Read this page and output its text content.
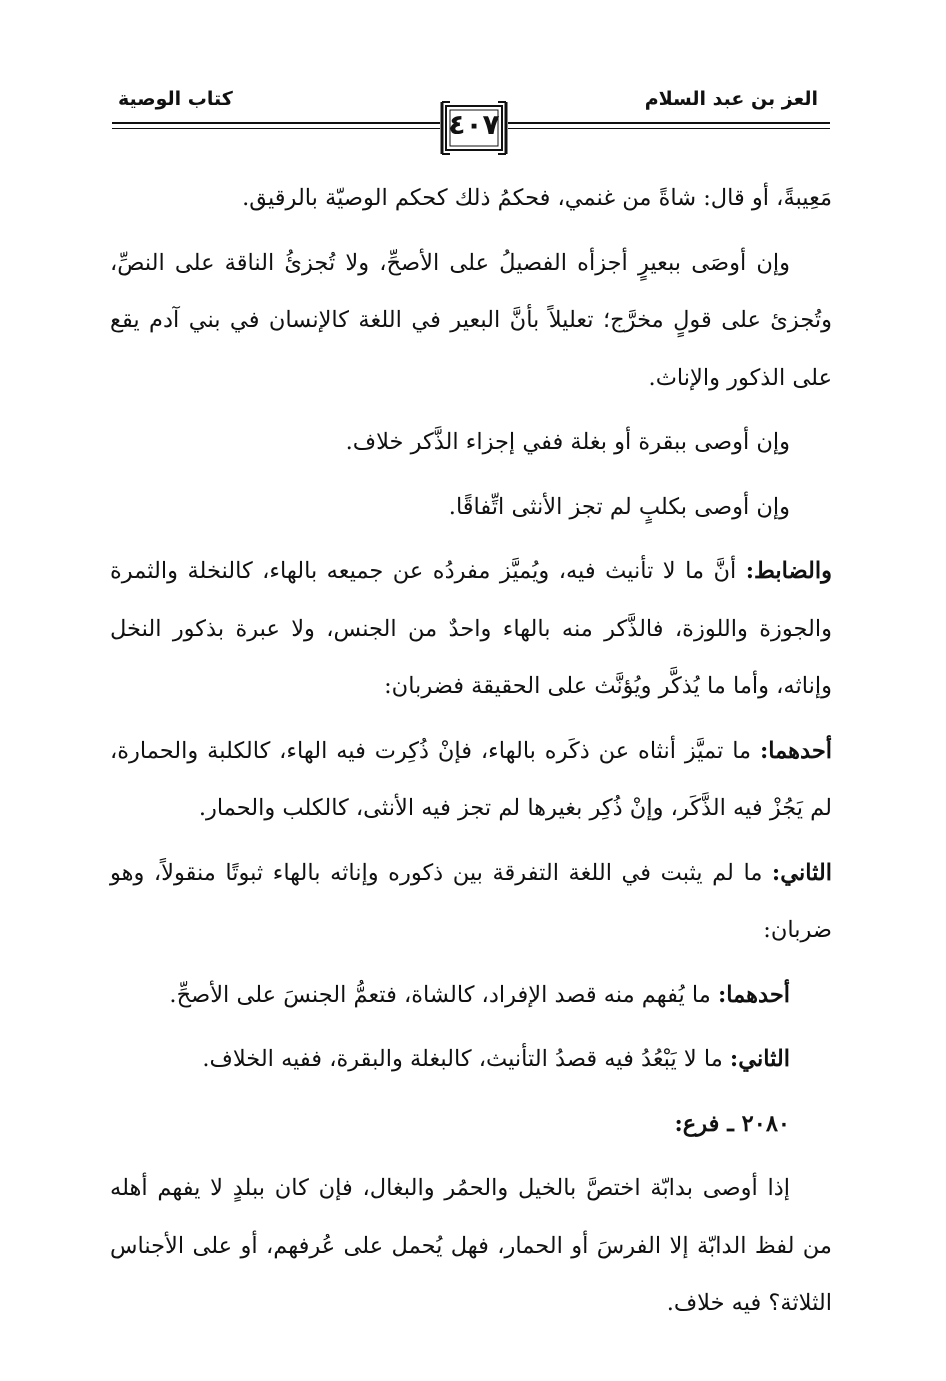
كتاب الوصية
٤٠٧
العز بن عبد السلام

مَعِيبةً، أو قال: شاةً من غنمي، فحكمُ ذلك كحكم الوصيّة بالرقيق.

وإن أوصَى ببعيرٍ أجزأه الفصيلُ على الأصحِّ، ولا تُجزئُ الناقة على النصِّ، وتُجزئ على قولٍ مخرَّج؛ تعليلاً بأنَّ البعير في اللغة كالإنسان في بني آدم يقع على الذكور والإناث.

وإن أوصى ببقرة أو بغلة ففي إجزاء الذَّكر خلاف.

وإن أوصى بكلبٍ لم تجز الأنثى اتِّفاقًا.

والضابط: أنَّ ما لا تأنيث فيه، ويُميَّز مفردُه عن جميعه بالهاء، كالنخلة والثمرة والجوزة واللوزة، فالذَّكر منه بالهاء واحدٌ من الجنس، ولا عبرة بذكور النخل وإناثه، وأما ما يُذكَّر ويُؤنَّث على الحقيقة فضربان:

أحدهما: ما تميَّز أنثاه عن ذكَره بالهاء، فإنْ ذُكِرت فيه الهاء، كالكلبة والحمارة، لم يَجُزْ فيه الذَّكَر، وإنْ ذُكِر بغيرها لم تجز فيه الأنثى، كالكلب والحمار.

الثاني: ما لم يثبت في اللغة التفرقة بين ذكوره وإناثه بالهاء ثبوتًا منقولاً، وهو ضربان:

أحدهما: ما يُفهم منه قصد الإفراد، كالشاة، فتعمُّ الجنسَ على الأصحِّ.

الثاني: ما لا يَبْعُدُ فيه قصدُ التأنيث، كالبغلة والبقرة، ففيه الخلاف.

٢٠٨٠ ـ فرع:

إذا أوصى بدابّة اختصَّ بالخيل والحمُر والبغال، فإن كان ببلدٍ لا يفهم أهله من لفظ الدابّة إلا الفرسَ أو الحمار، فهل يُحمل على عُرفهم، أو على الأجناس الثلاثة؟ فيه خلاف.
